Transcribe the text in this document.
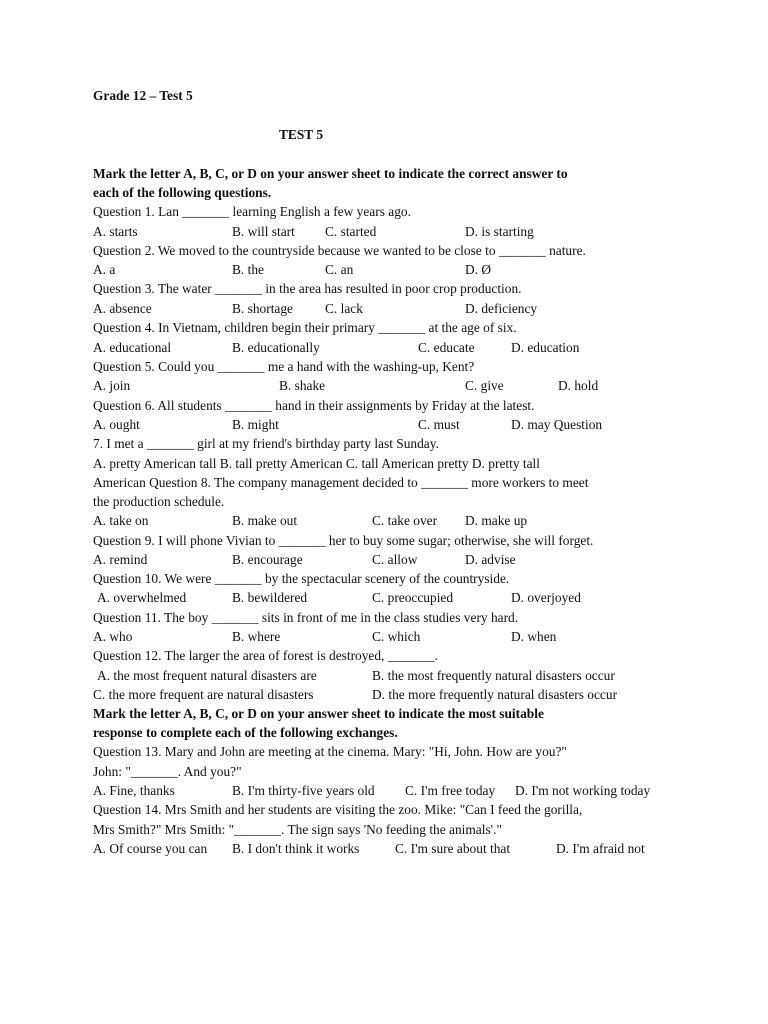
Grade 12 – Test 5
TEST 5
Mark the letter A, B, C, or D on your answer sheet to indicate the correct answer to
each of the following questions.
Question 1. Lan _______ learning English a few years ago.
A. starts	B. will start C. started	D. is starting
Question 2. We moved to the countryside because we wanted to be close to _______ nature.
A. a	B. the	C. an	D. Ø
Question 3. The water _______ in the area has resulted in poor crop production.
A. absence	B. shortage C. lack	D. deficiency
Question 4. In Vietnam, children begin their primary _______ at the age of six.
A. educational	B. educationally	C. educate	D. education
Question 5. Could you _______ me a hand with the washing-up, Kent?
A. join	B. shake	C. give	D. hold
Question 6. All students _______ hand in their assignments by Friday at the latest.
A. ought	B. might	C. must	D. may Question
7. I met a _______ girl at my friend's birthday party last Sunday.
A. pretty American tall B. tall pretty American C. tall American pretty D. pretty tall
American Question 8. The company management decided to _______ more workers to meet
the production schedule.
A. take on	B. make out	C. take over D. make up
Question 9. I will phone Vivian to _______ her to buy some sugar; otherwise, she will forget.
A. remind	B. encourage	C. allow	D. advise
Question 10. We were _______ by the spectacular scenery of the countryside.
A. overwhelmed	B. bewildered	C. preoccupied	D. overjoyed
Question 11. The boy _______ sits in front of me in the class studies very hard.
A. who	B. where	C. which	D. when
Question 12. The larger the area of forest is destroyed, _______.
A. the most frequent natural disasters are	B. the most frequently natural disasters occur
C. the more frequent are natural disasters	D. the more frequently natural disasters occur
Mark the letter A, B, C, or D on your answer sheet to indicate the most suitable
response to complete each of the following exchanges.
Question 13. Mary and John are meeting at the cinema. Mary: "Hi, John. How are you?"
John: "_______. And you?"
A. Fine, thanks	B. I'm thirty-five years old C. I'm free today D. I'm not working today
Question 14. Mrs Smith and her students are visiting the zoo. Mike: "Can I feed the gorilla,
Mrs Smith?" Mrs Smith: "_______. The sign says 'No feeding the animals'."
A. Of course you can B. I don't think it works	C. I'm sure about that	D. I'm afraid not
